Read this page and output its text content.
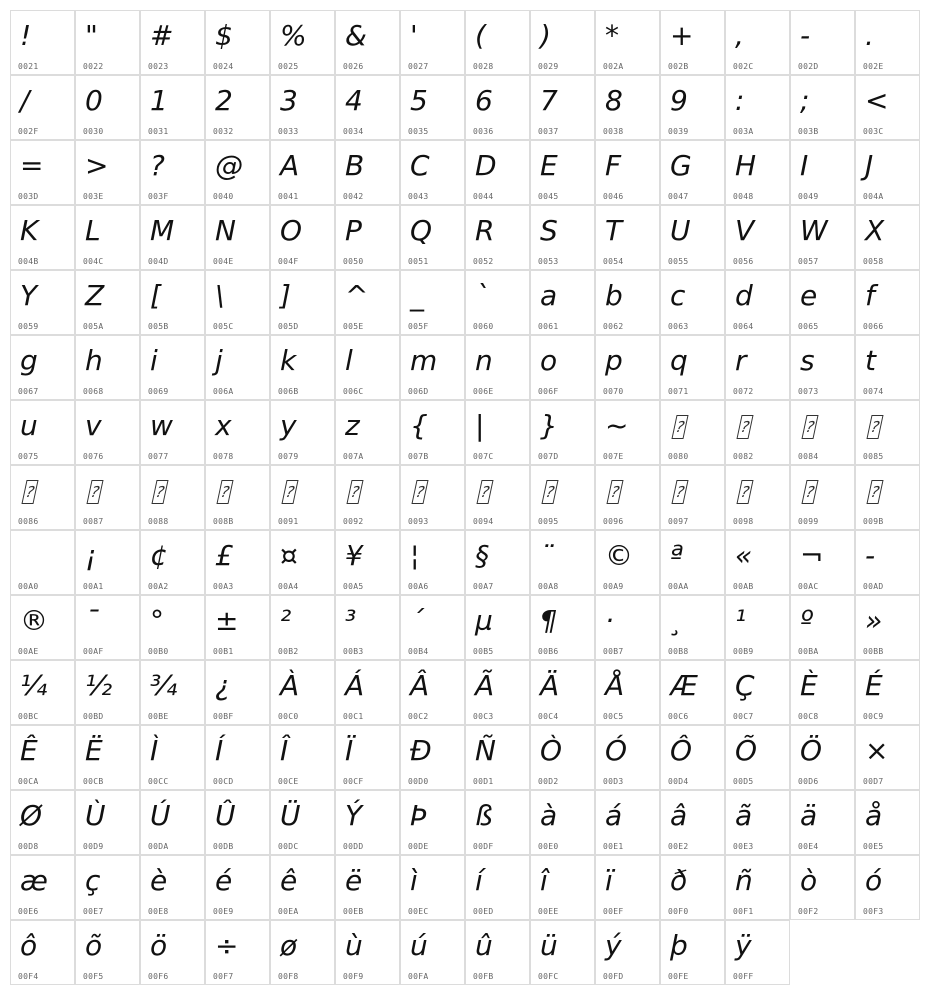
!
0021
"
0022
#
0023
$
0024
%
0025
&
0026
'
0027
(
0028
)
0029
*
002A
+
002B
,
002C
-
002D
.
002E
/
002F
0
0030
1
0031
2
0032
3
0033
4
0034
5
0035
6
0036
7
0037
8
0038
9
0039
:
003A
;
003B
<
003C
=
003D
>
003E
?
003F
@
0040
A
0041
B
0042
C
0043
D
0044
E
0045
F
0046
G
0047
H
0048
I
0049
J
004A
K
004B
L
004C
M
004D
N
004E
O
004F
P
0050
Q
0051
R
0052
S
0053
T
0054
U
0055
V
0056
W
0057
X
0058
Y
0059
Z
005A
[
005B
\
005C
]
005D
^
005E
_
005F
`
0060
a
0061
b
0062
c
0063
d
0064
e
0065
f
0066
g
0067
h
0068
i
0069
j
006A
k
006B
l
006C
m
006D
n
006E
o
006F
p
0070
q
0071
r
0072
s
0073
t
0074
u
0075
v
0076
w
0077
x
0078
y
0079
z
007A
{
007B
|
007C
}
007D
~
007E
?
0080
?
0082
?
0084
?
0085
?
0086
?
0087
?
0088
?
008B
?
0091
?
0092
?
0093
?
0094
?
0095
?
0096
?
0097
?
0098
?
0099
?
009B
00A0
¡
00A1
¢
00A2
£
00A3
¤
00A4
¥
00A5
¦
00A6
§
00A7
¨
00A8
©
00A9
ª
00AA
«
00AB
¬
00AC
-
00AD
®
00AE
¯
00AF
°
00B0
±
00B1
²
00B2
³
00B3
´
00B4
µ
00B5
¶
00B6
·
00B7
¸
00B8
¹
00B9
º
00BA
»
00BB
¼
00BC
½
00BD
¾
00BE
¿
00BF
À
00C0
Á
00C1
Â
00C2
Ã
00C3
Ä
00C4
Å
00C5
Æ
00C6
Ç
00C7
È
00C8
É
00C9
Ê
00CA
Ë
00CB
Ì
00CC
Í
00CD
Î
00CE
Ï
00CF
Ð
00D0
Ñ
00D1
Ò
00D2
Ó
00D3
Ô
00D4
Õ
00D5
Ö
00D6
×
00D7
Ø
00D8
Ù
00D9
Ú
00DA
Û
00DB
Ü
00DC
Ý
00DD
Þ
00DE
ß
00DF
à
00E0
á
00E1
â
00E2
ã
00E3
ä
00E4
å
00E5
æ
00E6
ç
00E7
è
00E8
é
00E9
ê
00EA
ë
00EB
ì
00EC
í
00ED
î
00EE
ï
00EF
ð
00F0
ñ
00F1
ò
00F2
ó
00F3
ô
00F4
õ
00F5
ö
00F6
÷
00F7
ø
00F8
ù
00F9
ú
00FA
û
00FB
ü
00FC
ý
00FD
þ
00FE
ÿ
00FF
